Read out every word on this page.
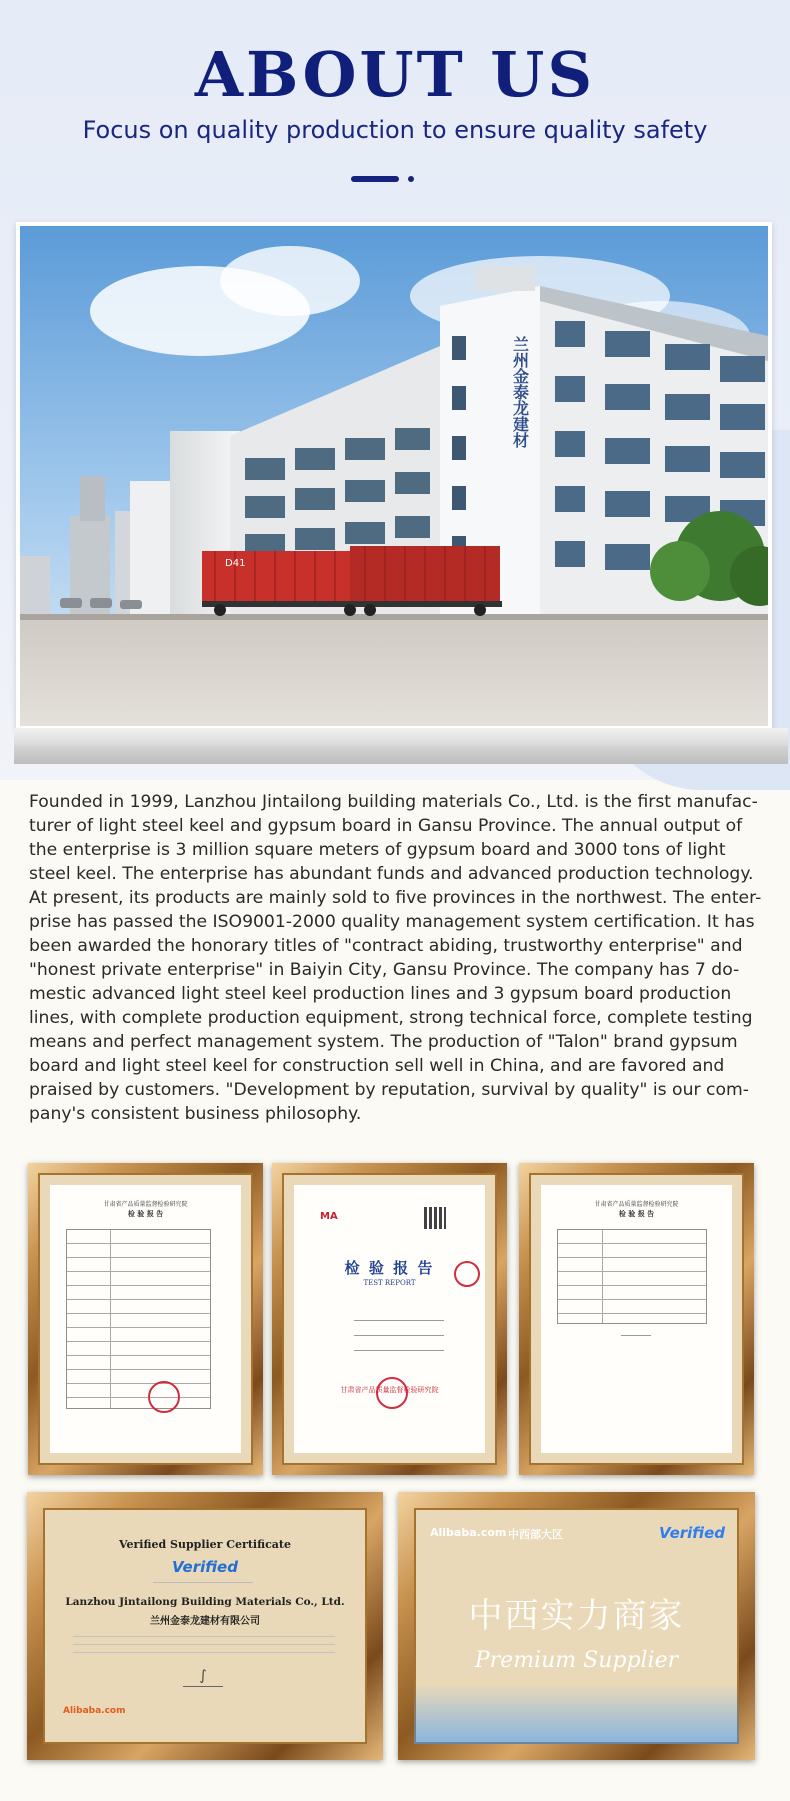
ABOUT US
Focus on quality production to ensure quality safety
兰州金泰龙建材
D41
Founded in 1999, Lanzhou Jintailong building materials Co., Ltd. is the first manufac-turer of light steel keel and gypsum board in Gansu Province. The annual output of the enterprise is 3 million square meters of gypsum board and 3000 tons of light steel keel. The enterprise has abundant funds and advanced production technology. At present, its products are mainly sold to five provinces in the northwest. The enter-prise has passed the ISO9001-2000 quality management system certification. It has been awarded the honorary titles of "contract abiding, trustworthy enterprise" and "honest private enterprise" in Baiyin City, Gansu Province. The company has 7 do-mestic advanced light steel keel production lines and 3 gypsum board production lines, with complete production equipment, strong technical force, complete testing means and perfect management system. The production of "Talon" brand gypsum board and light steel keel for construction sell well in China, and are favored and praised by customers. "Development by reputation, survival by quality" is our com-pany's consistent business philosophy.
甘肃省产品质量监督检验研究院
检 验 报 告	MA
检 验 报 告
TEST REPORT
甘肃省产品质量监督检验研究院
甘肃省产品质量监督检验研究院
检 验 报 告
Verified Supplier Certificate
Verified
Lanzhou Jintailong Building Materials Co., Ltd.
兰州金泰龙建材有限公司
∫
Alibaba.com
Alibaba.com 中西部大区	Verified
中西实力商家
Premium Supplier
